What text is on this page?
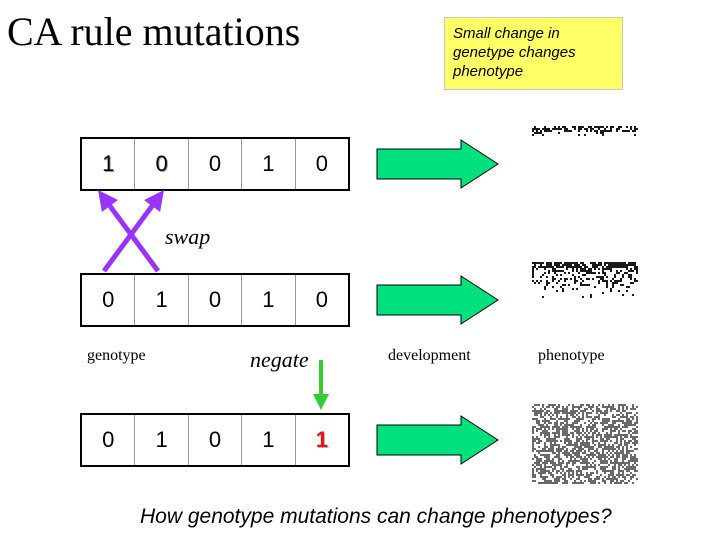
CA rule mutations	Small change in genetype changes phenotype
1	0	0	1	0
0	1	0	1	0
0	1	0	1	1
swap
genotype	negate	development	phenotype
How genotype mutations can change phenotypes?
